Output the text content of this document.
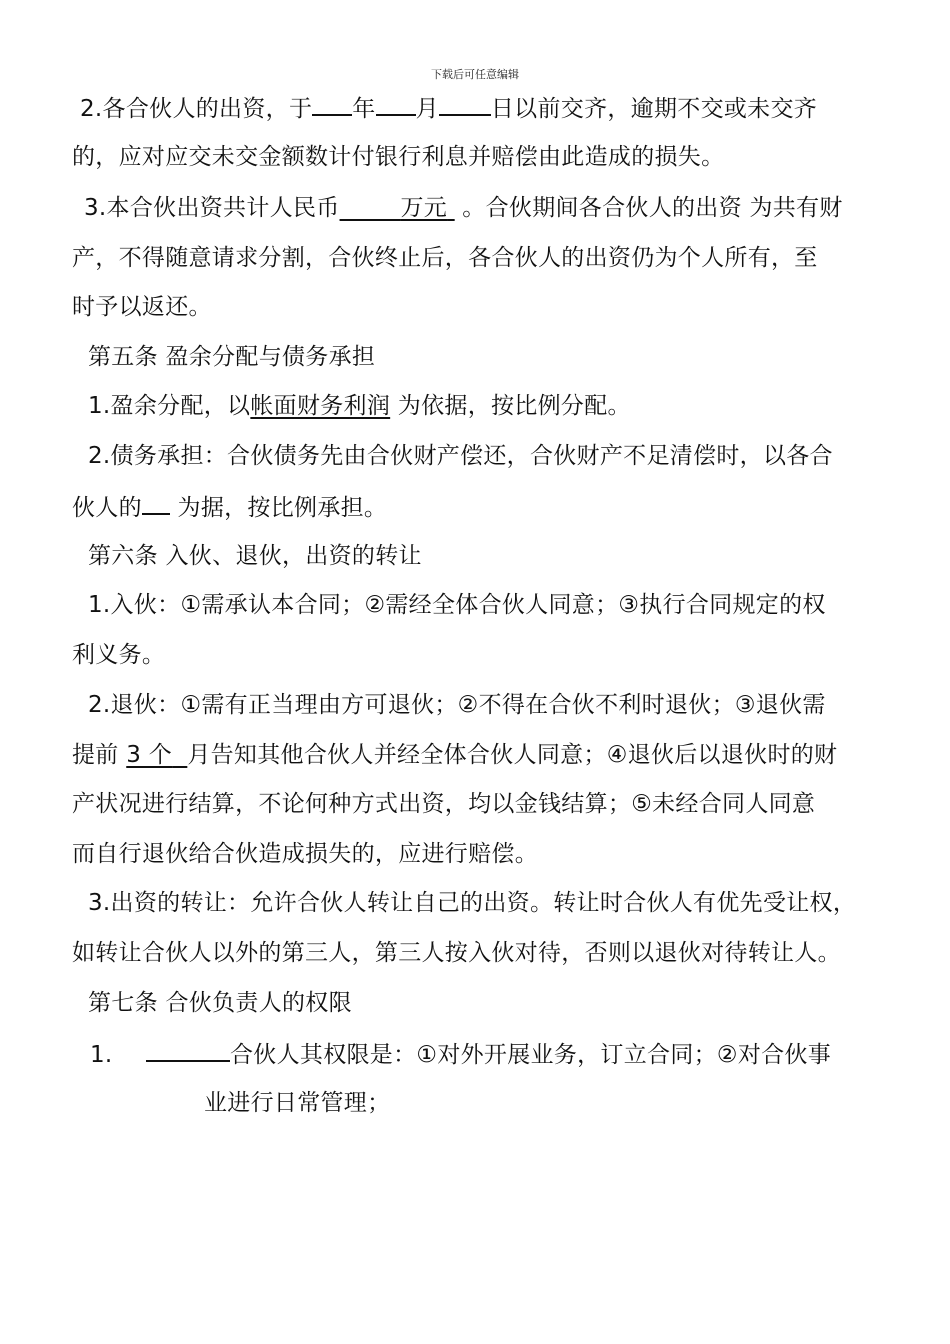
下载后可任意编辑
2.各合伙人的出资，于 年 月 日以前交齐，逾期不交或未交齐
的，应对应交未交金额数计付银行利息并赔偿由此造成的损失。
3.本合伙出资共计人民币	万元 。合伙期间各合伙人的出资 为共有财
产，不得随意请求分割，合伙终止后，各合伙人的出资仍为个人所有，至
时予以返还。
第五条 盈余分配与债务承担
1.盈余分配，以帐面财务利润 为依据，按比例分配。
2.债务承担：合伙债务先由合伙财产偿还，合伙财产不足清偿时，以各合
伙人的 为据，按比例承担。
第六条 入伙、退伙，出资的转让
1.入伙：①需承认本合同；②需经全体合伙人同意；③执行合同规定的权
利义务。
2.退伙：①需有正当理由方可退伙；②不得在合伙不利时退伙；③退伙需
提前 3 个 月告知其他合伙人并经全体合伙人同意；④退伙后以退伙时的财
产状况进行结算，不论何种方式出资，均以金钱结算；⑤未经合同人同意
而自行退伙给合伙造成损失的，应进行赔偿。
3.出资的转让：允许合伙人转让自己的出资。转让时合伙人有优先受让权，
如转让合伙人以外的第三人，第三人按入伙对待，否则以退伙对待转让人。
第七条 合伙负责人的权限
1.	合伙人其权限是：①对外开展业务，订立合同；②对合伙事
业进行日常管理；
